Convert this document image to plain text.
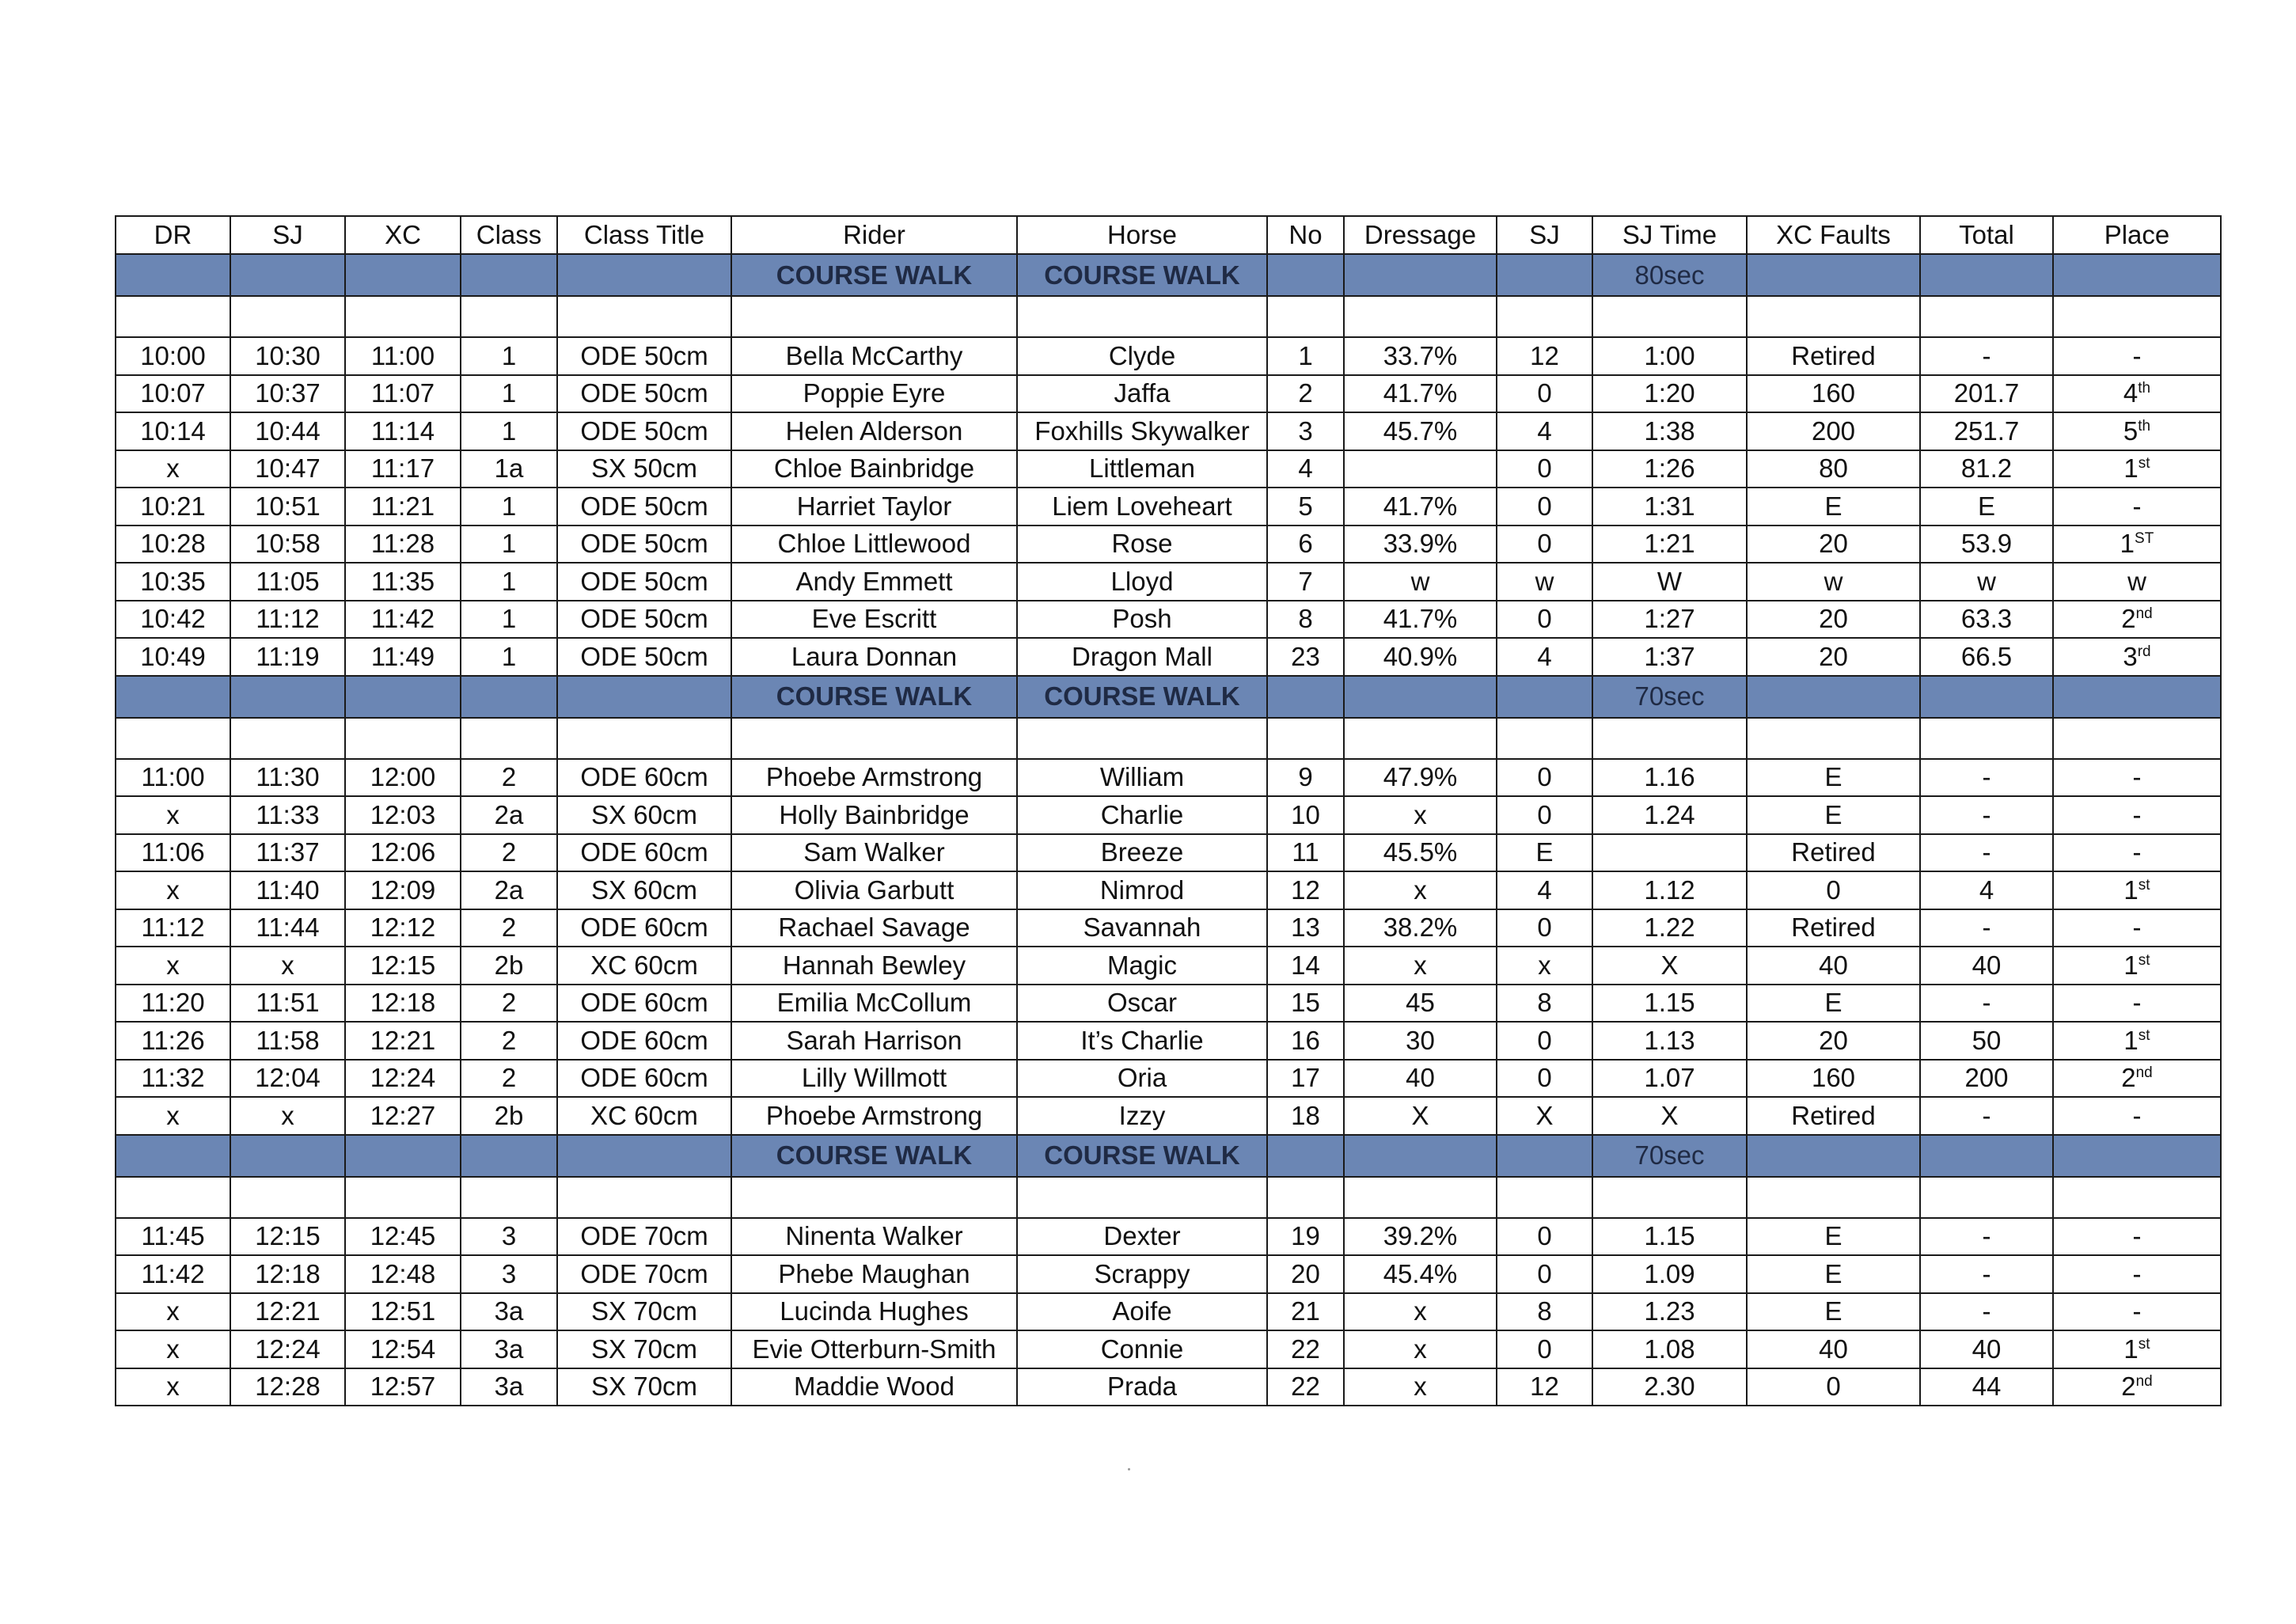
DR	SJ	XC	Class	Class Title	Rider	Horse	No	Dressage	SJ	SJ Time	XC Faults	Total	Place
					COURSE WALK	COURSE WALK				80sec			

10:00	10:30	11:00	1	ODE 50cm	Bella McCarthy	Clyde	1	33.7%	12	1:00	Retired	-	-
10:07	10:37	11:07	1	ODE 50cm	Poppie Eyre	Jaffa	2	41.7%	0	1:20	160	201.7	4th
10:14	10:44	11:14	1	ODE 50cm	Helen Alderson	Foxhills Skywalker	3	45.7%	4	1:38	200	251.7	5th
x	10:47	11:17	1a	SX 50cm	Chloe Bainbridge	Littleman	4		0	1:26	80	81.2	1st
10:21	10:51	11:21	1	ODE 50cm	Harriet Taylor	Liem Loveheart	5	41.7%	0	1:31	E	E	-
10:28	10:58	11:28	1	ODE 50cm	Chloe Littlewood	Rose	6	33.9%	0	1:21	20	53.9	1ST
10:35	11:05	11:35	1	ODE 50cm	Andy Emmett	Lloyd	7	w	w	W	w	w	w
10:42	11:12	11:42	1	ODE 50cm	Eve Escritt	Posh	8	41.7%	0	1:27	20	63.3	2nd
10:49	11:19	11:49	1	ODE 50cm	Laura Donnan	Dragon Mall	23	40.9%	4	1:37	20	66.5	3rd
					COURSE WALK	COURSE WALK				70sec			

11:00	11:30	12:00	2	ODE 60cm	Phoebe Armstrong	William	9	47.9%	0	1.16	E	-	-
x	11:33	12:03	2a	SX 60cm	Holly Bainbridge	Charlie	10	x	0	1.24	E	-	-
11:06	11:37	12:06	2	ODE 60cm	Sam Walker	Breeze	11	45.5%	E		Retired	-	-
x	11:40	12:09	2a	SX 60cm	Olivia Garbutt	Nimrod	12	x	4	1.12	0	4	1st
11:12	11:44	12:12	2	ODE 60cm	Rachael Savage	Savannah	13	38.2%	0	1.22	Retired	-	-
x	x	12:15	2b	XC 60cm	Hannah Bewley	Magic	14	x	x	X	40	40	1st
11:20	11:51	12:18	2	ODE 60cm	Emilia McCollum	Oscar	15	45	8	1.15	E	-	-
11:26	11:58	12:21	2	ODE 60cm	Sarah Harrison	It’s Charlie	16	30	0	1.13	20	50	1st
11:32	12:04	12:24	2	ODE 60cm	Lilly Willmott	Oria	17	40	0	1.07	160	200	2nd
x	x	12:27	2b	XC 60cm	Phoebe Armstrong	Izzy	18	X	X	X	Retired	-	-
					COURSE WALK	COURSE WALK				70sec			

11:45	12:15	12:45	3	ODE 70cm	Ninenta Walker	Dexter	19	39.2%	0	1.15	E	-	-
11:42	12:18	12:48	3	ODE 70cm	Phebe Maughan	Scrappy	20	45.4%	0	1.09	E	-	-
x	12:21	12:51	3a	SX 70cm	Lucinda Hughes	Aoife	21	x	8	1.23	E	-	-
x	12:24	12:54	3a	SX 70cm	Evie Otterburn-Smith	Connie	22	x	0	1.08	40	40	1st
x	12:28	12:57	3a	SX 70cm	Maddie Wood	Prada	22	x	12	2.30	0	44	2nd
